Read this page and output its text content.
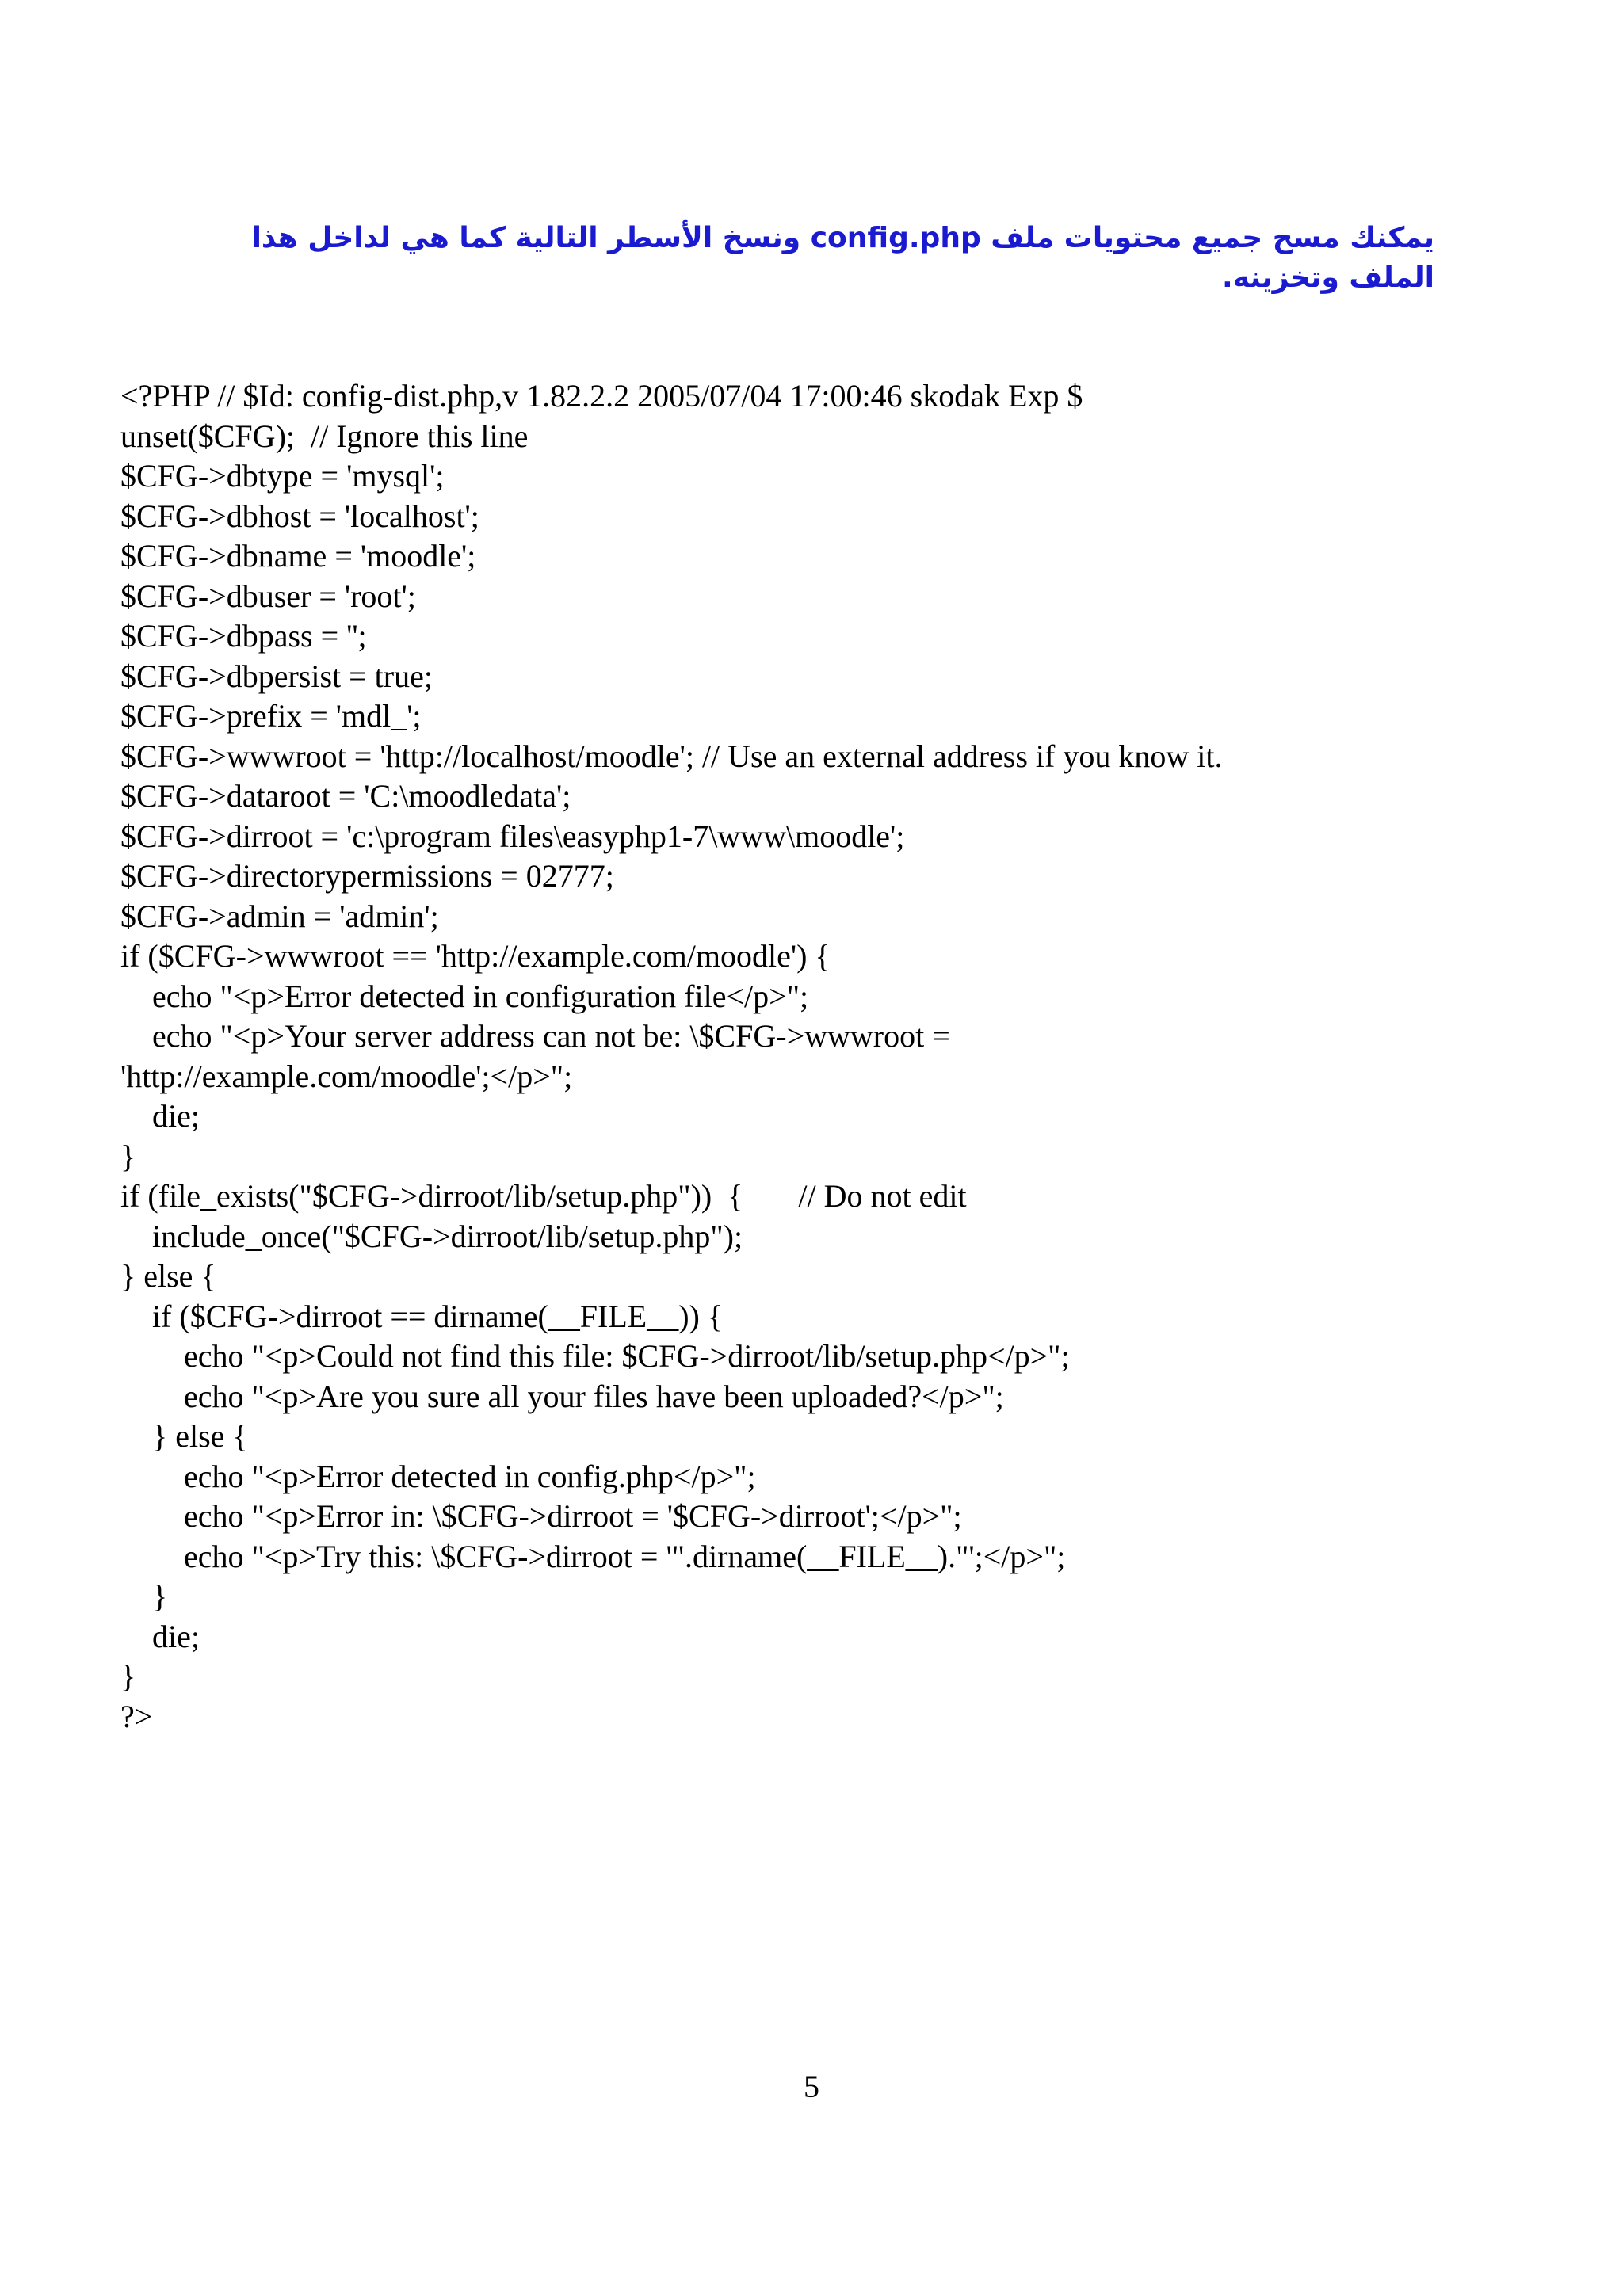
يمكنك مسح جميع محتويات ملف config.php ونسخ الأسطر التالية كما هي لداخل هذا الملف وتخزينه.
<?PHP // $Id: config-dist.php,v 1.82.2.2 2005/07/04 17:00:46 skodak Exp $
unset($CFG);  // Ignore this line
$CFG->dbtype = 'mysql';
$CFG->dbhost = 'localhost';
$CFG->dbname = 'moodle';
$CFG->dbuser = 'root';
$CFG->dbpass = '';
$CFG->dbpersist = true;
$CFG->prefix = 'mdl_';
$CFG->wwwroot = 'http://localhost/moodle'; // Use an external address if you know it.
$CFG->dataroot = 'C:\moodledata';
$CFG->dirroot = 'c:\program files\easyphp1-7\www\moodle';
$CFG->directorypermissions = 02777;
$CFG->admin = 'admin';
if ($CFG->wwwroot == 'http://example.com/moodle') {
echo "<p>Error detected in configuration file</p>";
echo "<p>Your server address can not be: \$CFG->wwwroot =
'http://example.com/moodle';</p>";
die;
}
if (file_exists("$CFG->dirroot/lib/setup.php"))  {       // Do not edit
include_once("$CFG->dirroot/lib/setup.php");
} else {
if ($CFG->dirroot == dirname(__FILE__)) {
echo "<p>Could not find this file: $CFG->dirroot/lib/setup.php</p>";
echo "<p>Are you sure all your files have been uploaded?</p>";
} else {
echo "<p>Error detected in config.php</p>";
echo "<p>Error in: \$CFG->dirroot = '$CFG->dirroot';</p>";
echo "<p>Try this: \$CFG->dirroot = '".dirname(__FILE__)."';</p>";
}
die;
}
?>
5
